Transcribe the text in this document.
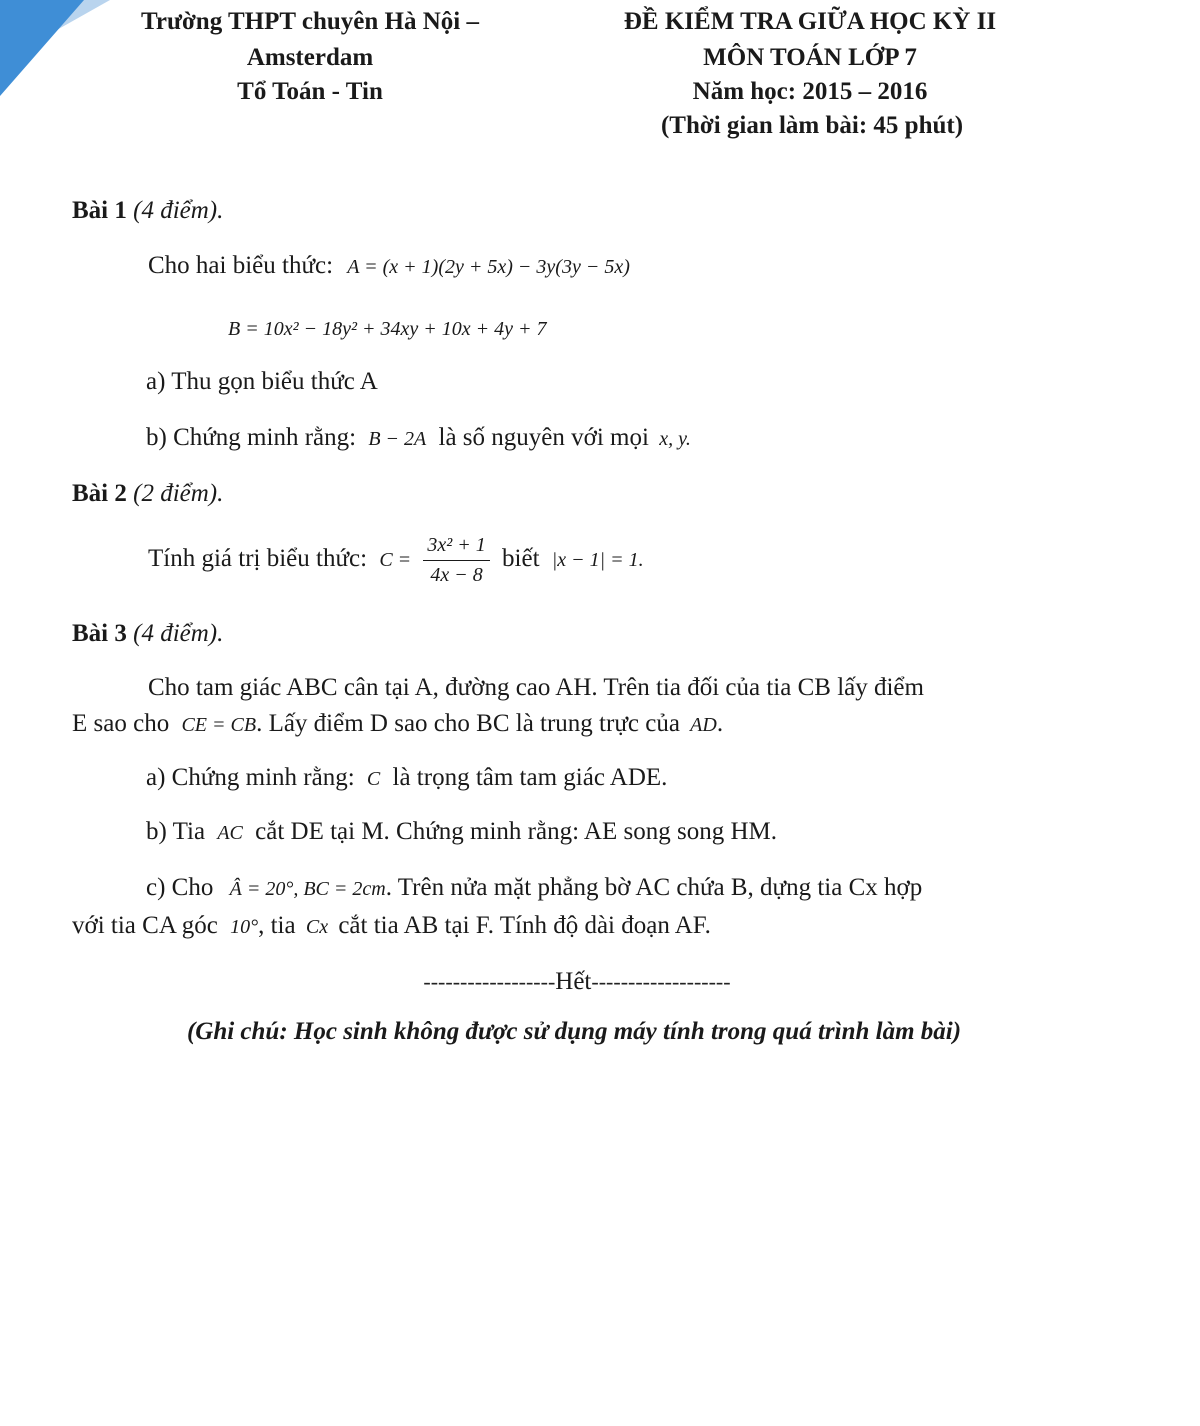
Trường THPT chuyên Hà Nội –
Amsterdam
Tổ Toán - Tin
ĐỀ KIỂM TRA GIỮA HỌC KỲ II
MÔN TOÁN LỚP 7
Năm học: 2015 – 2016
(Thời gian làm bài: 45 phút)
Bài 1 (4 điểm).
Cho hai biểu thức: A = (x + 1)(2y + 5x) − 3y(3y − 5x)
B = 10x² − 18y² + 34xy + 10x + 4y + 7
a) Thu gọn biểu thức A
b) Chứng minh rằng: B − 2A là số nguyên với mọi x, y.
Bài 2 (2 điểm).
Tính giá trị biểu thức: $C = \frac{\text{3x² + 1}}{4x - 8}$ biết |x − 1| = 1.
Bài 3 (4 điểm).
Cho tam giác ABC cân tại A, đường cao AH. Trên tia đối của tia CB lấy điểm
E sao cho CE = CB. Lấy điểm D sao cho BC là trung trực của AD.
a) Chứng minh rằng: C là trọng tâm tam giác ADE.
b) Tia AC cắt DE tại M. Chứng minh rằng: AE song song HM.
c) Cho Â = 20°, BC = 2cm. Trên nửa mặt phẳng bờ AC chứa B, dựng tia Cx hợp
với tia CA góc 10°, tia Cx cắt tia AB tại F. Tính độ dài đoạn AF.
------------------Hết-------------------
(Ghi chú: Học sinh không được sử dụng máy tính trong quá trình làm bài)
